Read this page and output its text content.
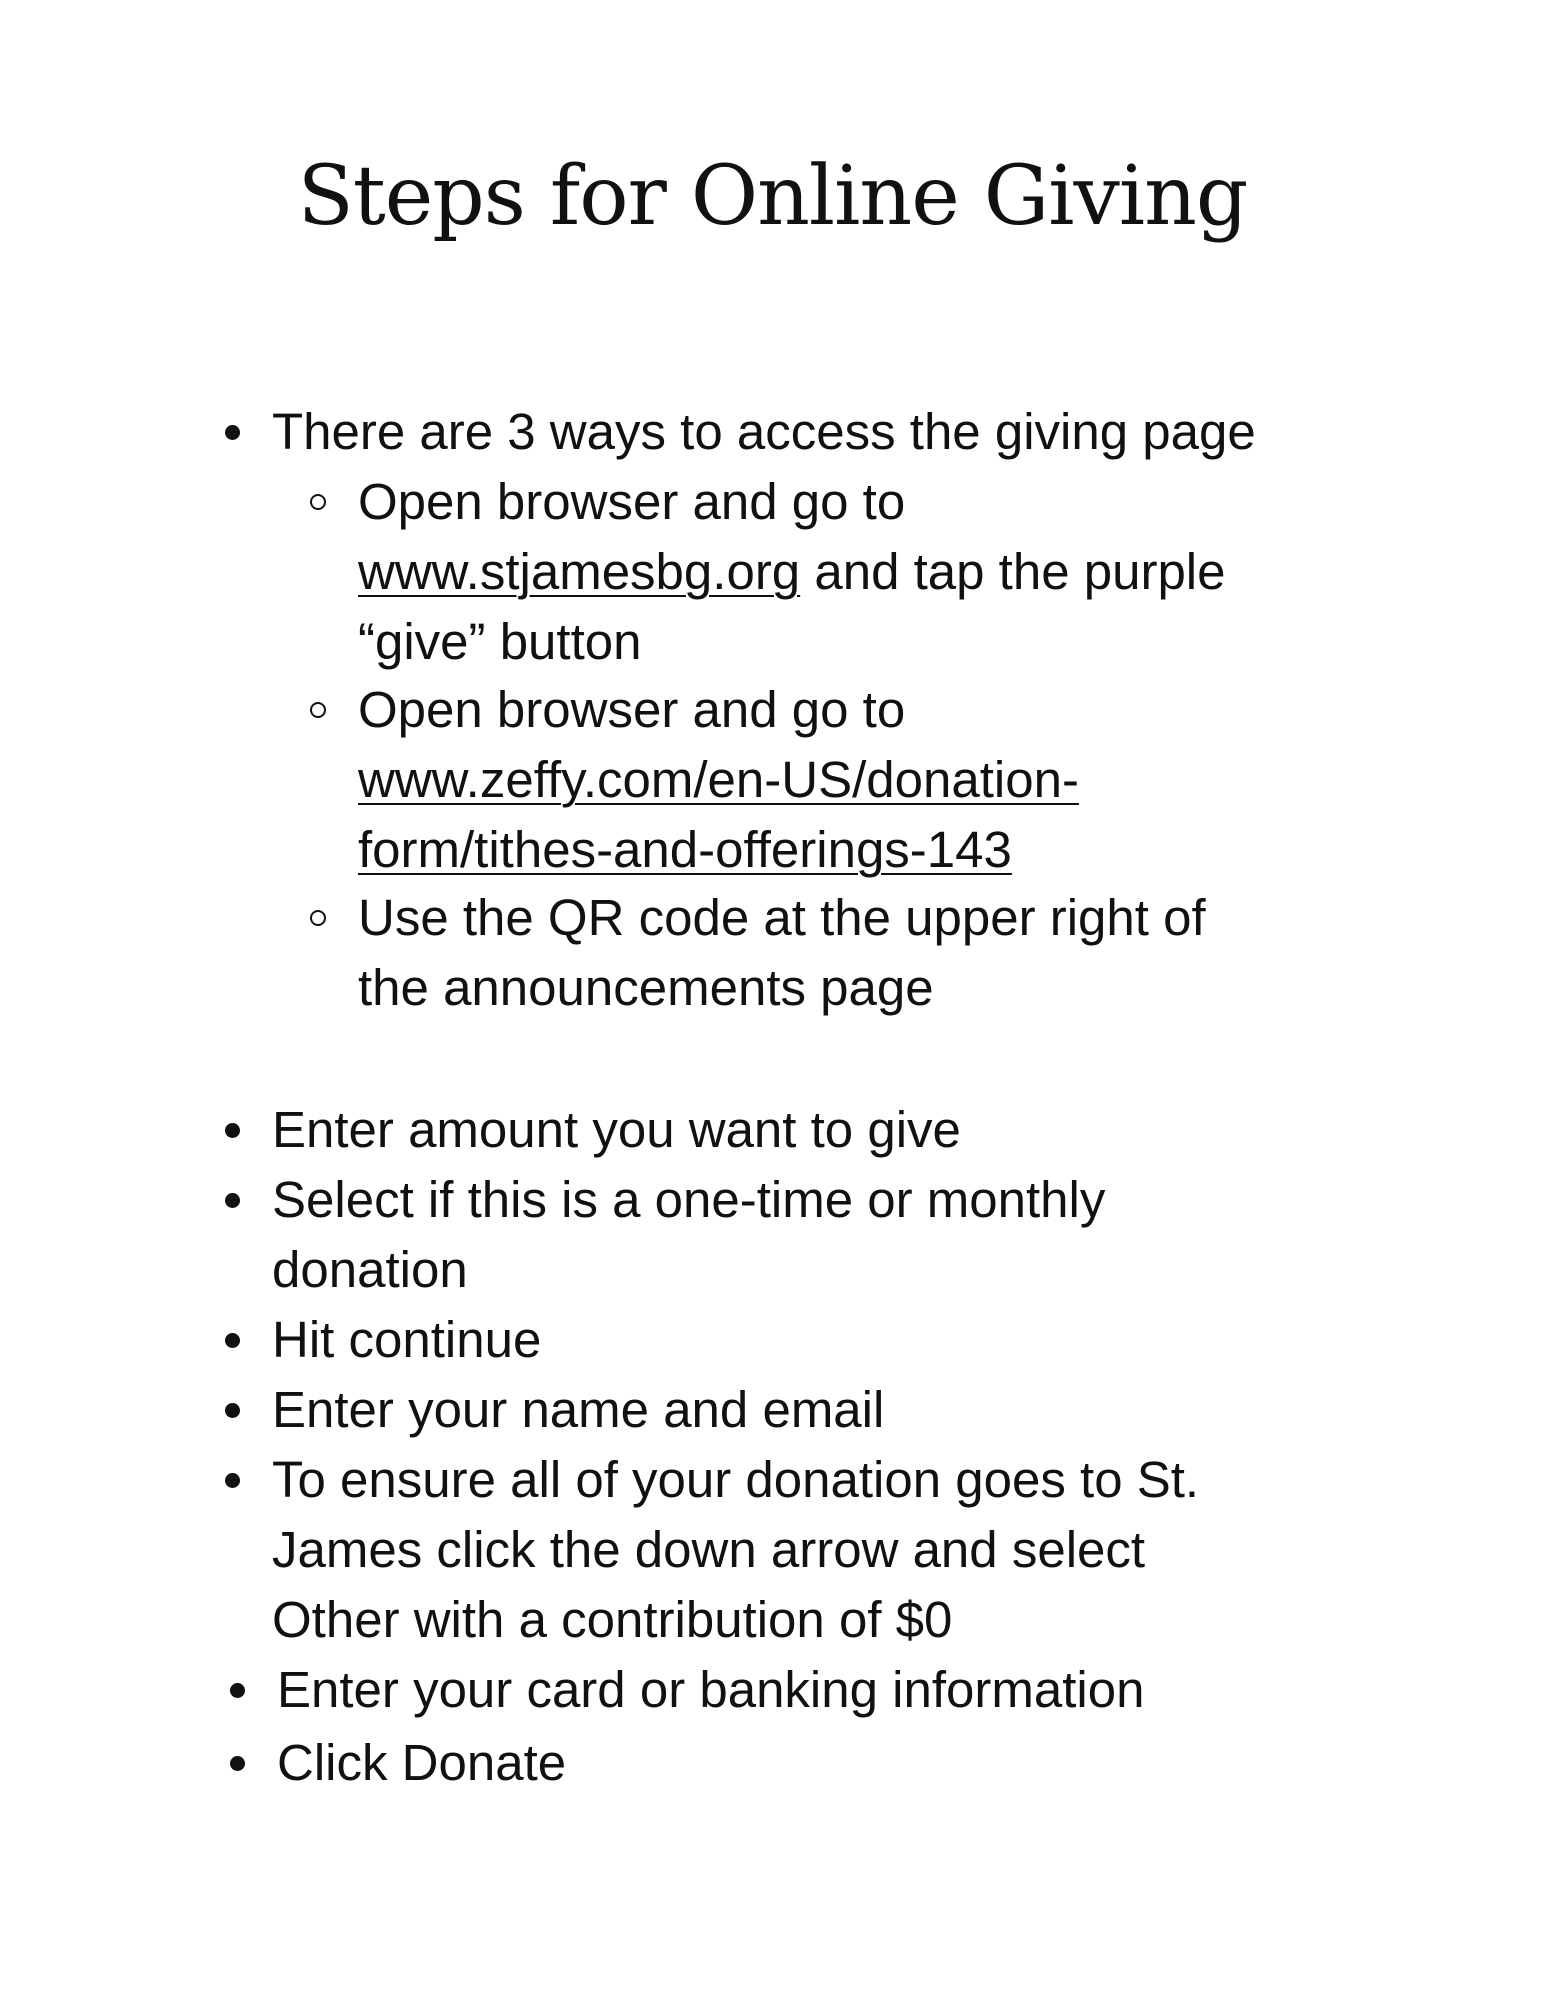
Steps for Online Giving
There are 3 ways to access the giving page
Open browser and go to
www.stjamesbg.org and tap the purple
“give” button
Open browser and go to
www.zeffy.com/en-US/donation-
form/tithes-and-offerings-143
Use the QR code at the upper right of
the announcements page
Enter amount you want to give
Select if this is a one-time or monthly
donation
Hit continue
Enter your name and email
To ensure all of your donation goes to St.
James click the down arrow and select
Other with a contribution of $0
Enter your card or banking information
Click Donate
